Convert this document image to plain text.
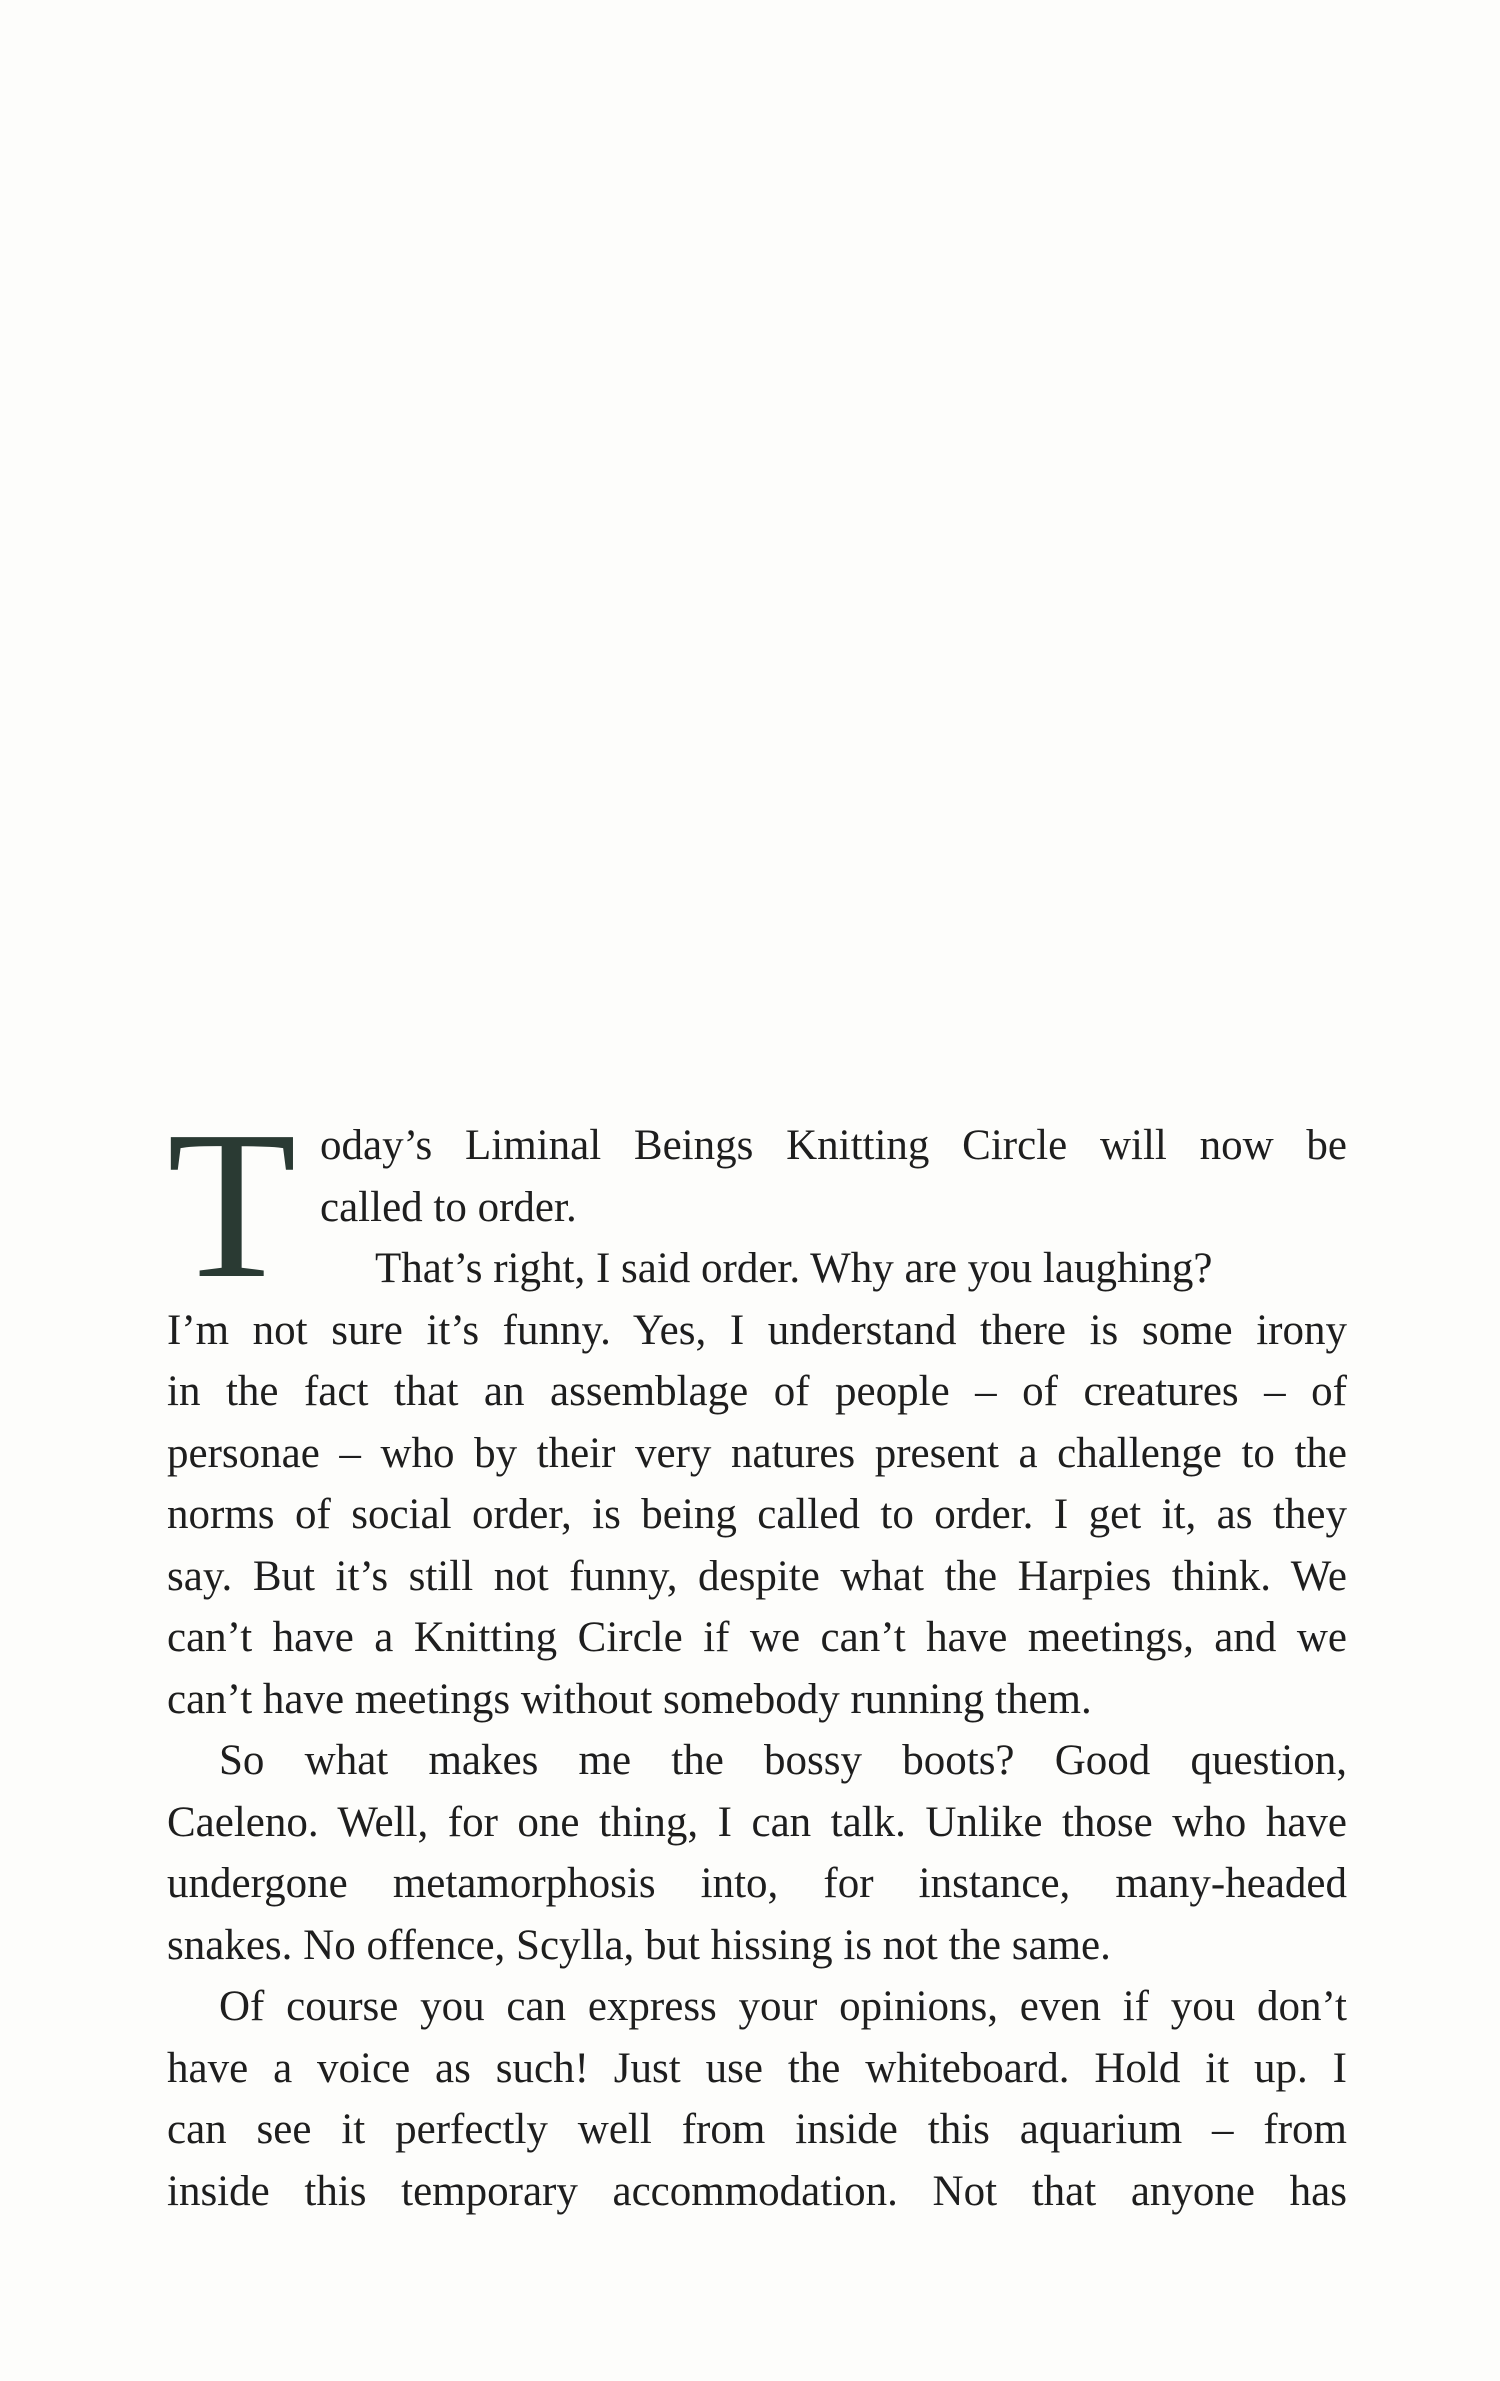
T oday’s Liminal Beings Knitting Circle will now be
called to order.
That’s right, I said order. Why are you laughing?
I’m not sure it’s funny. Yes, I understand there is some irony
in the fact that an assemblage of people – of creatures – of
personae – who by their very natures present a challenge to the
norms of social order, is being called to order. I get it, as they
say. But it’s still not funny, despite what the Harpies think. We
can’t have a Knitting Circle if we can’t have meetings, and we
can’t have meetings without somebody running them.
So what makes me the bossy boots? Good question,
Caeleno. Well, for one thing, I can talk. Unlike those who have
undergone metamorphosis into, for instance, many-headed
snakes. No offence, Scylla, but hissing is not the same.
Of course you can express your opinions, even if you don’t
have a voice as such! Just use the whiteboard. Hold it up. I
can see it perfectly well from inside this aquarium – from
inside this temporary accommodation. Not that anyone has
